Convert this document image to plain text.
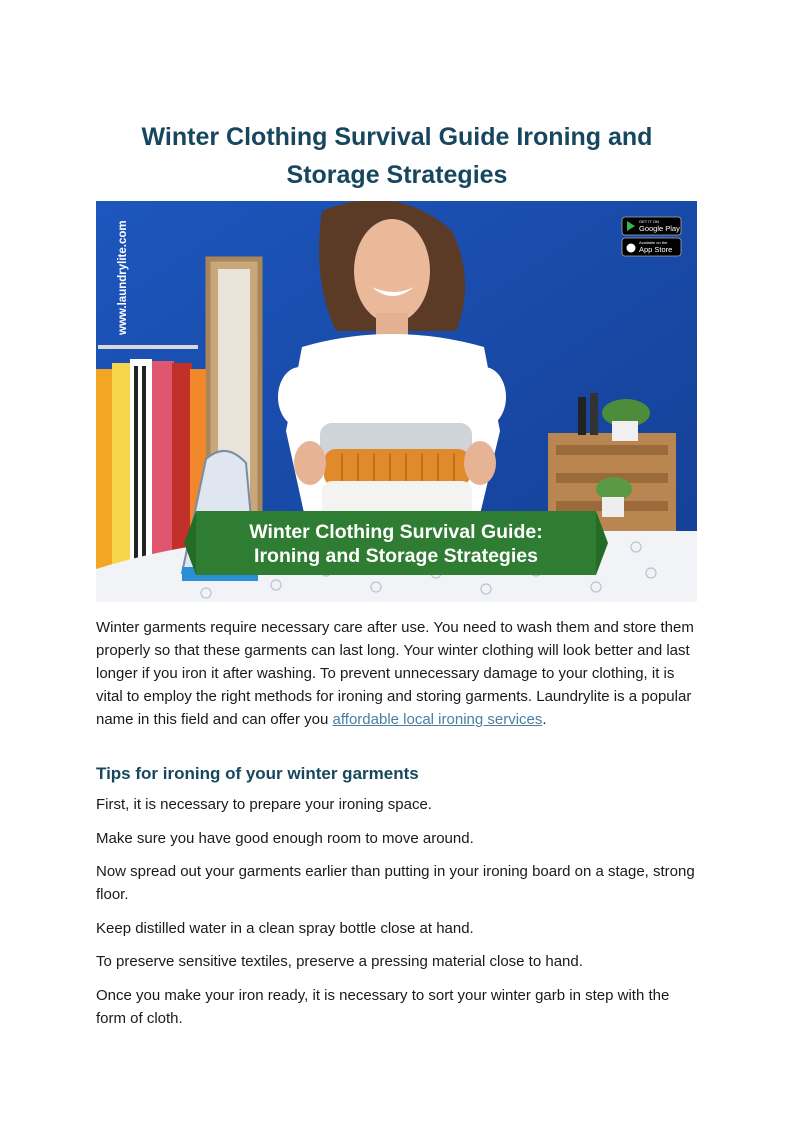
Winter Clothing Survival Guide Ironing and Storage Strategies
www.laundrylite.com	GET IT ON
Google Play
Available on the
App Store
Winter Clothing Survival Guide:
Ironing and Storage Strategies

Winter garments require necessary care after use. You need to wash them and store them properly so that these garments can last long. Your winter clothing will look better and last longer if you iron it after washing. To prevent unnecessary damage to your clothing, it is vital to employ the right methods for ironing and storing garments. Laundrylite is a popular name in this field and can offer you affordable local ironing services.

Tips for ironing of your winter garments
First, it is necessary to prepare your ironing space.
Make sure you have good enough room to move around.
Now spread out your garments earlier than putting in your ironing board on a stage, strong floor.
Keep distilled water in a clean spray bottle close at hand.
To preserve sensitive textiles, preserve a pressing material close to hand.
Once you make your iron ready, it is necessary to sort your winter garb in step with the form of cloth.
